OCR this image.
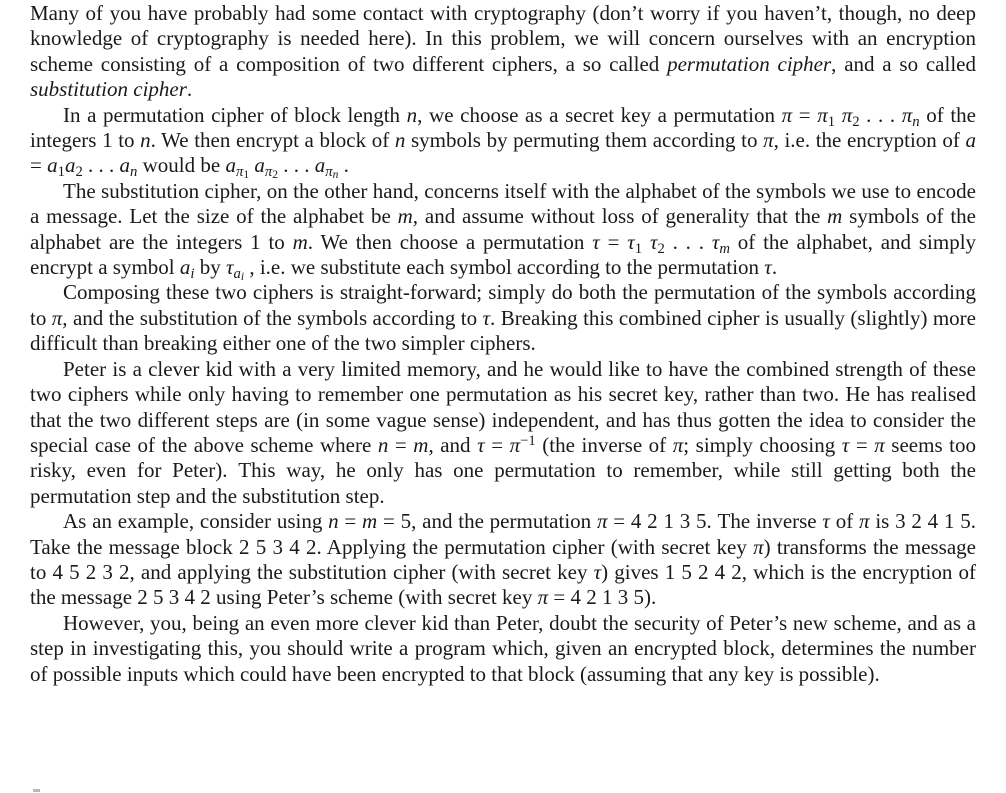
Many of you have probably had some contact with cryptography (don’t worry if you haven’t, though, no deep knowledge of cryptography is needed here). In this problem, we will concern ourselves with an encryption scheme consisting of a composition of two different ciphers, a so called permutation cipher, and a so called substitution cipher.

In a permutation cipher of block length n, we choose as a secret key a permutation $\pi = \pi_1$ $\pi_2$ . . . $\pi_n$ of the integers 1 to n. We then encrypt a block of n symbols by permuting them according to π, i.e. the encryption of $a = a_1a_2$ . . . $a_n$ would be $a_{\pi 1}$ $a_{\pi 2}$ . . . $a_{\pi n}$ .

The substitution cipher, on the other hand, concerns itself with the alphabet of the symbols we use to encode a message. Let the size of the alphabet be m, and assume without loss of generality that the m symbols of the alphabet are the integers 1 to m. We then choose a permutation $\tau = \tau_1$ $\tau_2$ . . . $\tau_m$ of the alphabet, and simply encrypt a symbol $a_i$ by $\tau_{ai}$ , i.e. we substitute each symbol according to the permutation τ.

Composing these two ciphers is straight-forward; simply do both the permutation of the symbols according to π, and the substitution of the symbols according to τ. Breaking this combined cipher is usually (slightly) more difficult than breaking either one of the two simpler ciphers.

Peter is a clever kid with a very limited memory, and he would like to have the combined strength of these two ciphers while only having to remember one permutation as his secret key, rather than two. He has realised that the two different steps are (in some vague sense) independent, and has thus gotten the idea to consider the special case of the above scheme where n = m, and $\tau = \pi^{-1}$ (the inverse of π; simply choosing τ = π seems too risky, even for Peter). This way, he only has one permutation to remember, while still getting both the permutation step and the substitution step.

As an example, consider using n = m = 5, and the permutation π = 4 2 1 3 5. The inverse τ of π is 3 2 4 1 5. Take the message block 2 5 3 4 2. Applying the permutation cipher (with secret key π) transforms the message to 4 5 2 3 2, and applying the substitution cipher (with secret key τ) gives 1 5 2 4 2, which is the encryption of the message 2 5 3 4 2 using Peter’s scheme (with secret key π = 4 2 1 3 5).

However, you, being an even more clever kid than Peter, doubt the security of Peter’s new scheme, and as a step in investigating this, you should write a program which, given an encrypted block, determines the number of possible inputs which could have been encrypted to that block (assuming that any key is possible).
